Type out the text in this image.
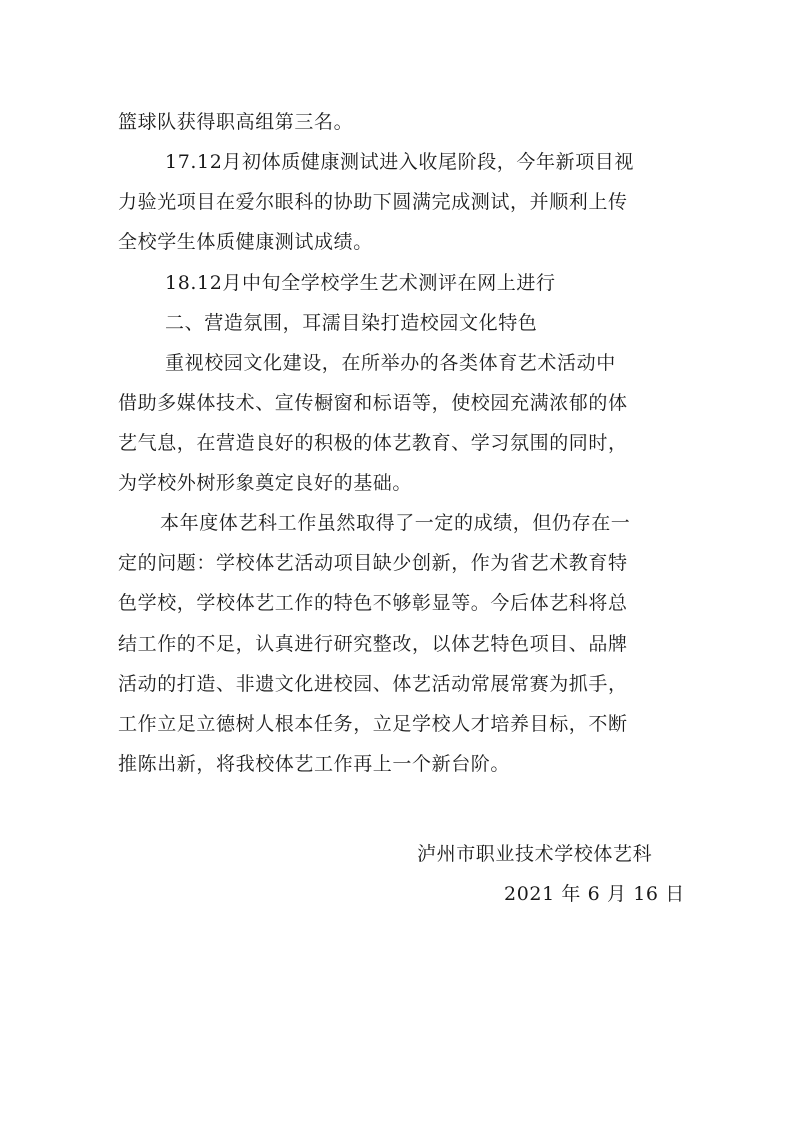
篮球队获得职高组第三名。
17.12月初体质健康测试进入收尾阶段，今年新项目视
力验光项目在爱尔眼科的协助下圆满完成测试，并顺利上传
全校学生体质健康测试成绩。
18.12月中旬全学校学生艺术测评在网上进行
二、营造氛围，耳濡目染打造校园文化特色
重视校园文化建设，在所举办的各类体育艺术活动中
借助多媒体技术、宣传橱窗和标语等，使校园充满浓郁的体
艺气息，在营造良好的积极的体艺教育、学习氛围的同时，
为学校外树形象奠定良好的基础。
本年度体艺科工作虽然取得了一定的成绩，但仍存在一
定的问题：学校体艺活动项目缺少创新，作为省艺术教育特
色学校，学校体艺工作的特色不够彰显等。今后体艺科将总
结工作的不足，认真进行研究整改，以体艺特色项目、品牌
活动的打造、非遗文化进校园、体艺活动常展常赛为抓手，
工作立足立德树人根本任务，立足学校人才培养目标，不断
推陈出新，将我校体艺工作再上一个新台阶。
泸州市职业技术学校体艺科
2021 年 6 月 16 日
